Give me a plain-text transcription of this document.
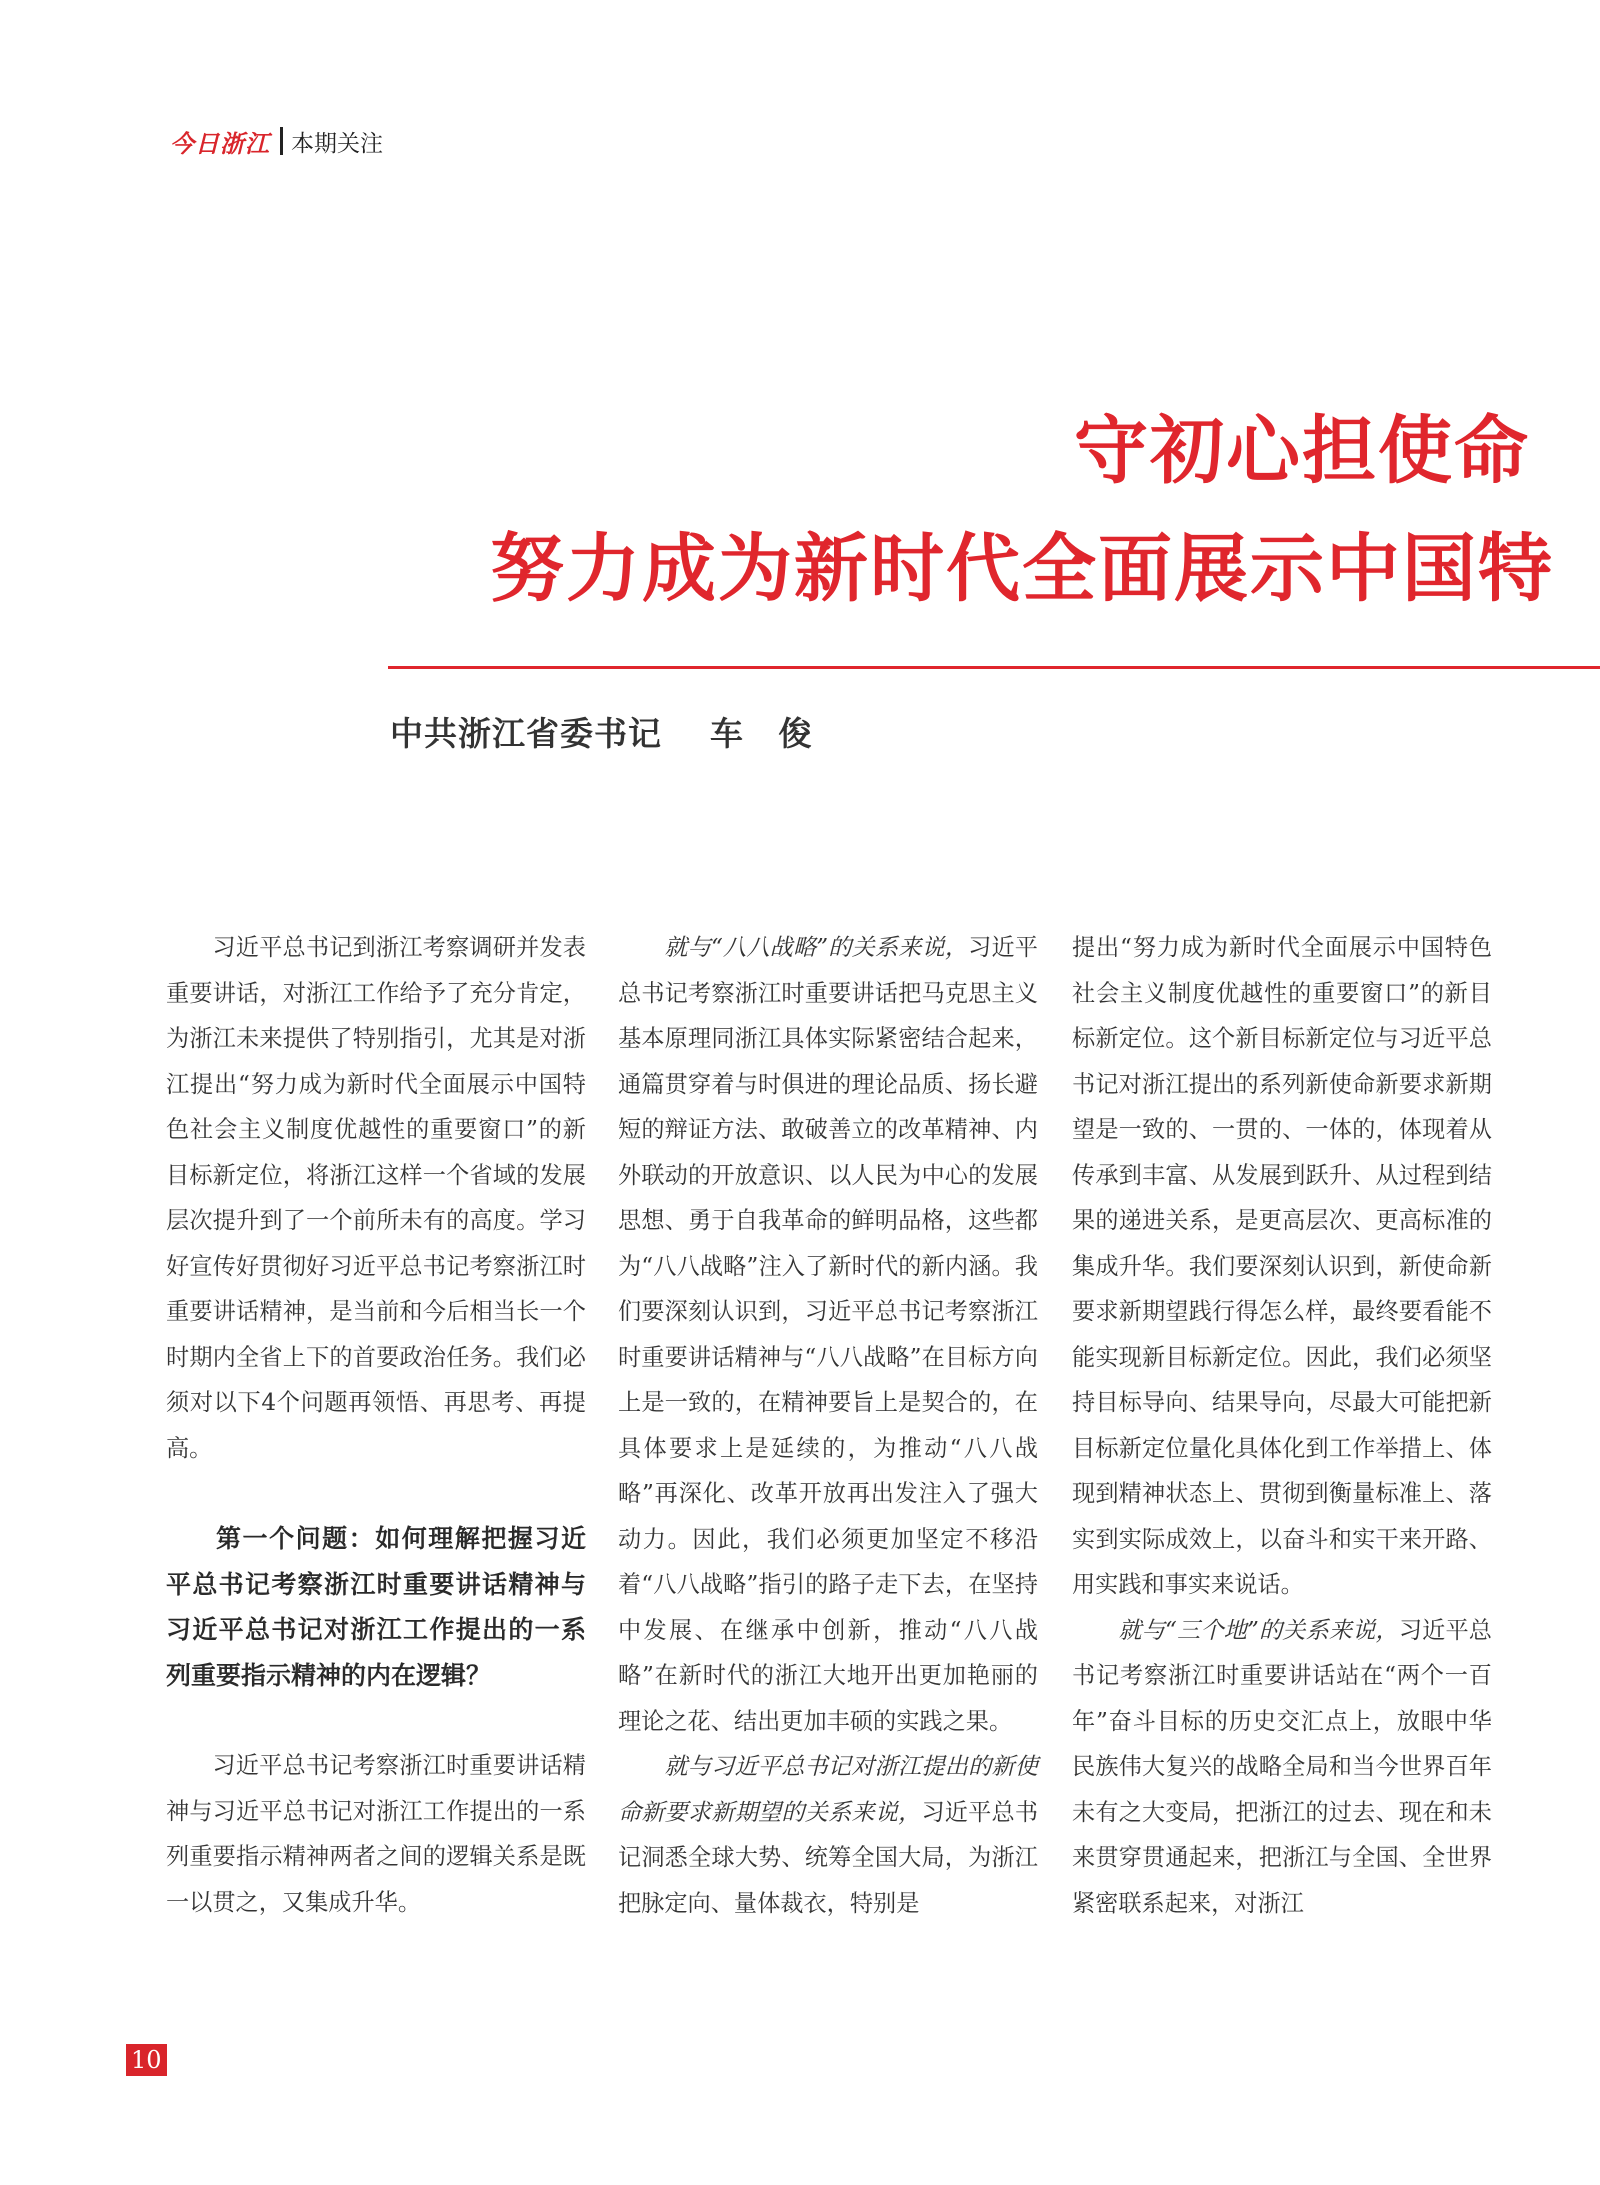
今日浙江 本期关注
守初心担使命
努力成为新时代全面展示中国特
中共浙江省委书记 车 俊

习近平总书记到浙江考察调研并发表重要讲话，对浙江工作给予了充分肯定，为浙江未来提供了特别指引，尤其是对浙江提出“努力成为新时代全面展示中国特色社会主义制度优越性的重要窗口”的新目标新定位，将浙江这样一个省域的发展层次提升到了一个前所未有的高度。学习好宣传好贯彻好习近平总书记考察浙江时重要讲话精神，是当前和今后相当长一个时期内全省上下的首要政治任务。我们必须对以下4个问题再领悟、再思考、再提高。

第一个问题：如何理解把握习近平总书记考察浙江时重要讲话精神与习近平总书记对浙江工作提出的一系列重要指示精神的内在逻辑？

习近平总书记考察浙江时重要讲话精神与习近平总书记对浙江工作提出的一系列重要指示精神两者之间的逻辑关系是既一以贯之，又集成升华。

就与“八八战略”的关系来说，习近平总书记考察浙江时重要讲话把马克思主义基本原理同浙江具体实际紧密结合起来，通篇贯穿着与时俱进的理论品质、扬长避短的辩证方法、敢破善立的改革精神、内外联动的开放意识、以人民为中心的发展思想、勇于自我革命的鲜明品格，这些都为“八八战略”注入了新时代的新内涵。我们要深刻认识到，习近平总书记考察浙江时重要讲话精神与“八八战略”在目标方向上是一致的，在精神要旨上是契合的，在具体要求上是延续的，为推动“八八战略”再深化、改革开放再出发注入了强大动力。因此，我们必须更加坚定不移沿着“八八战略”指引的路子走下去，在坚持中发展、在继承中创新，推动“八八战略”在新时代的浙江大地开出更加艳丽的理论之花、结出更加丰硕的实践之果。

就与习近平总书记对浙江提出的新使命新要求新期望的关系来说，习近平总书记洞悉全球大势、统筹全国大局，为浙江把脉定向、量体裁衣，特别是

提出“努力成为新时代全面展示中国特色社会主义制度优越性的重要窗口”的新目标新定位。这个新目标新定位与习近平总书记对浙江提出的系列新使命新要求新期望是一致的、一贯的、一体的，体现着从传承到丰富、从发展到跃升、从过程到结果的递进关系，是更高层次、更高标准的集成升华。我们要深刻认识到，新使命新要求新期望践行得怎么样，最终要看能不能实现新目标新定位。因此，我们必须坚持目标导向、结果导向，尽最大可能把新目标新定位量化具体化到工作举措上、体现到精神状态上、贯彻到衡量标准上、落实到实际成效上，以奋斗和实干来开路、用实践和事实来说话。

就与“三个地”的关系来说，习近平总书记考察浙江时重要讲话站在“两个一百年”奋斗目标的历史交汇点上，放眼中华民族伟大复兴的战略全局和当今世界百年未有之大变局，把浙江的过去、现在和未来贯穿贯通起来，把浙江与全国、全世界紧密联系起来，对浙江

10
